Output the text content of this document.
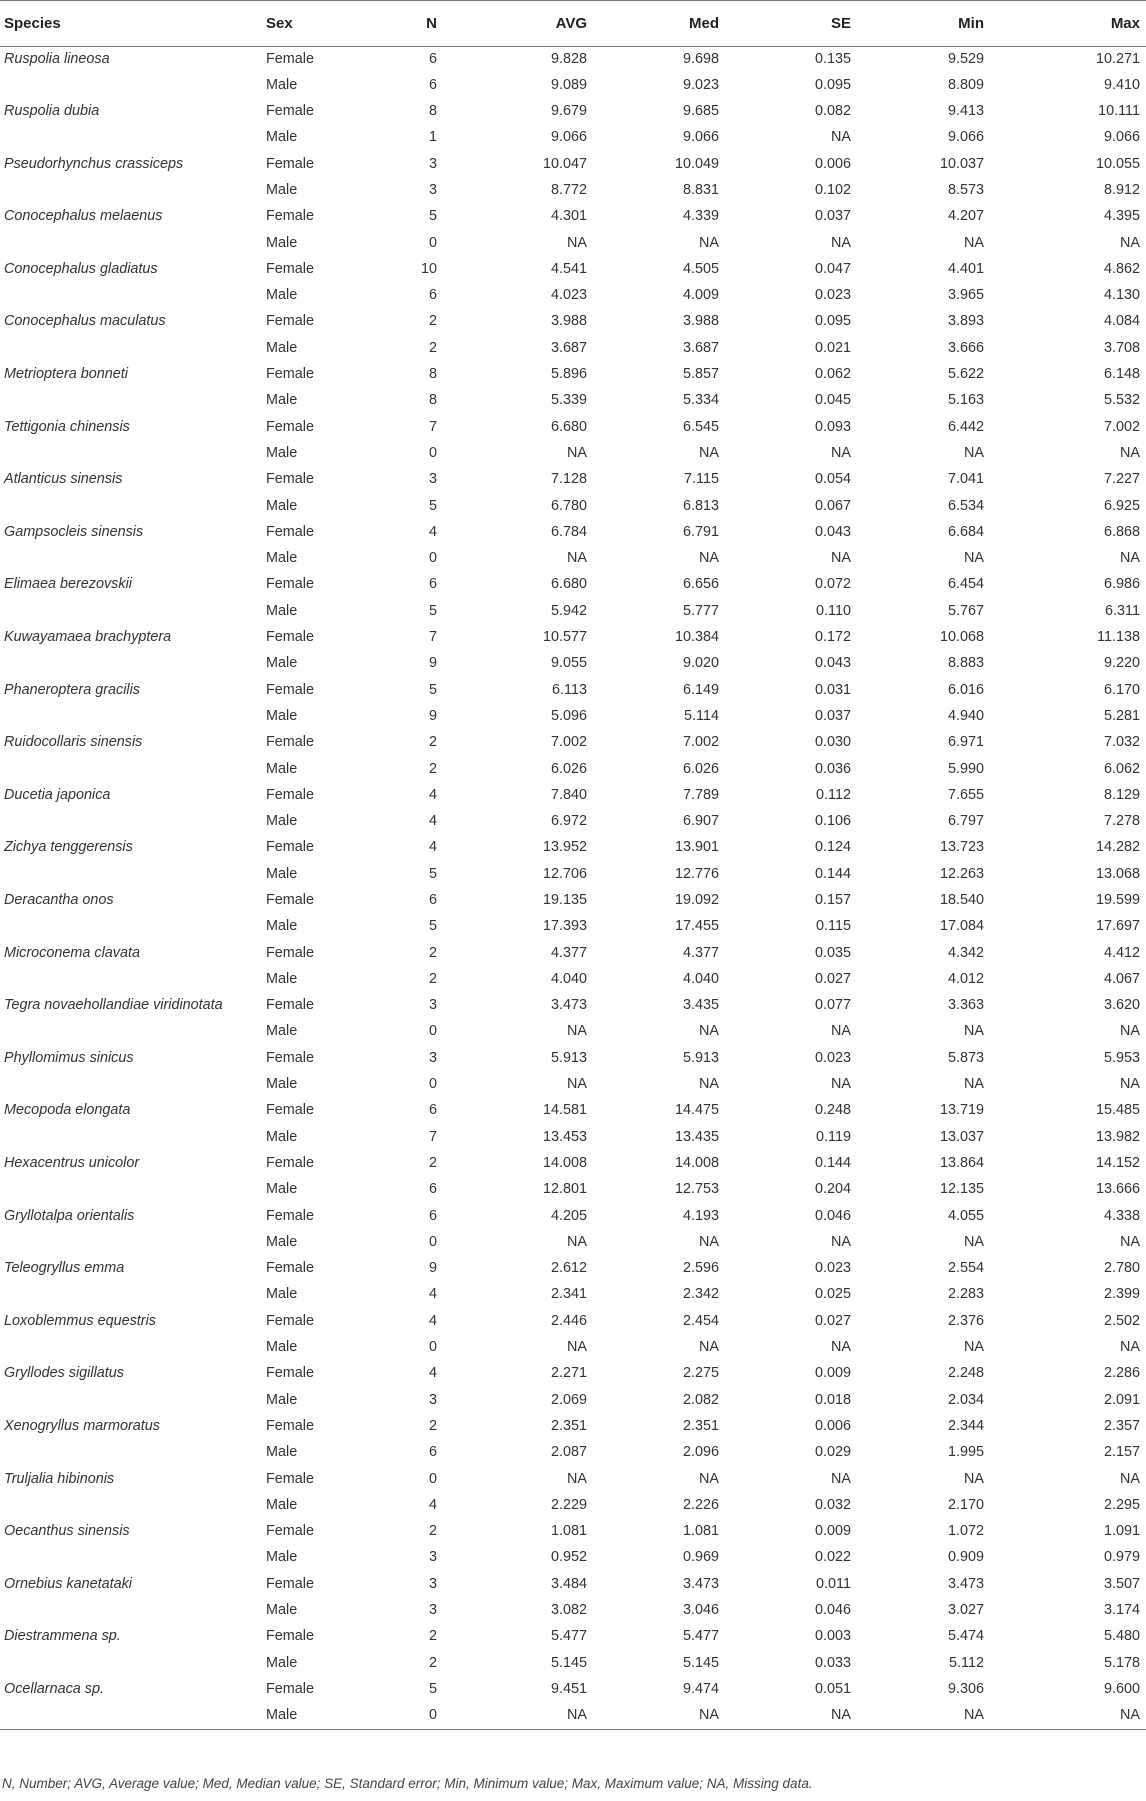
Species	Sex	N	AVG	Med	SE	Min	Max
Ruspolia lineosa	Female	6	9.828	9.698	0.135	9.529	10.271
	Male	6	9.089	9.023	0.095	8.809	9.410
Ruspolia dubia	Female	8	9.679	9.685	0.082	9.413	10.111
	Male	1	9.066	9.066	NA	9.066	9.066
Pseudorhynchus crassiceps	Female	3	10.047	10.049	0.006	10.037	10.055
	Male	3	8.772	8.831	0.102	8.573	8.912
Conocephalus melaenus	Female	5	4.301	4.339	0.037	4.207	4.395
	Male	0	NA	NA	NA	NA	NA
Conocephalus gladiatus	Female	10	4.541	4.505	0.047	4.401	4.862
	Male	6	4.023	4.009	0.023	3.965	4.130
Conocephalus maculatus	Female	2	3.988	3.988	0.095	3.893	4.084
	Male	2	3.687	3.687	0.021	3.666	3.708
Metrioptera bonneti	Female	8	5.896	5.857	0.062	5.622	6.148
	Male	8	5.339	5.334	0.045	5.163	5.532
Tettigonia chinensis	Female	7	6.680	6.545	0.093	6.442	7.002
	Male	0	NA	NA	NA	NA	NA
Atlanticus sinensis	Female	3	7.128	7.115	0.054	7.041	7.227
	Male	5	6.780	6.813	0.067	6.534	6.925
Gampsocleis sinensis	Female	4	6.784	6.791	0.043	6.684	6.868
	Male	0	NA	NA	NA	NA	NA
Elimaea berezovskii	Female	6	6.680	6.656	0.072	6.454	6.986
	Male	5	5.942	5.777	0.110	5.767	6.311
Kuwayamaea brachyptera	Female	7	10.577	10.384	0.172	10.068	11.138
	Male	9	9.055	9.020	0.043	8.883	9.220
Phaneroptera gracilis	Female	5	6.113	6.149	0.031	6.016	6.170
	Male	9	5.096	5.114	0.037	4.940	5.281
Ruidocollaris sinensis	Female	2	7.002	7.002	0.030	6.971	7.032
	Male	2	6.026	6.026	0.036	5.990	6.062
Ducetia japonica	Female	4	7.840	7.789	0.112	7.655	8.129
	Male	4	6.972	6.907	0.106	6.797	7.278
Zichya tenggerensis	Female	4	13.952	13.901	0.124	13.723	14.282
	Male	5	12.706	12.776	0.144	12.263	13.068
Deracantha onos	Female	6	19.135	19.092	0.157	18.540	19.599
	Male	5	17.393	17.455	0.115	17.084	17.697
Microconema clavata	Female	2	4.377	4.377	0.035	4.342	4.412
	Male	2	4.040	4.040	0.027	4.012	4.067
Tegra novaehollandiae viridinotata	Female	3	3.473	3.435	0.077	3.363	3.620
	Male	0	NA	NA	NA	NA	NA
Phyllomimus sinicus	Female	3	5.913	5.913	0.023	5.873	5.953
	Male	0	NA	NA	NA	NA	NA
Mecopoda elongata	Female	6	14.581	14.475	0.248	13.719	15.485
	Male	7	13.453	13.435	0.119	13.037	13.982
Hexacentrus unicolor	Female	2	14.008	14.008	0.144	13.864	14.152
	Male	6	12.801	12.753	0.204	12.135	13.666
Gryllotalpa orientalis	Female	6	4.205	4.193	0.046	4.055	4.338
	Male	0	NA	NA	NA	NA	NA
Teleogryllus emma	Female	9	2.612	2.596	0.023	2.554	2.780
	Male	4	2.341	2.342	0.025	2.283	2.399
Loxoblemmus equestris	Female	4	2.446	2.454	0.027	2.376	2.502
	Male	0	NA	NA	NA	NA	NA
Gryllodes sigillatus	Female	4	2.271	2.275	0.009	2.248	2.286
	Male	3	2.069	2.082	0.018	2.034	2.091
Xenogryllus marmoratus	Female	2	2.351	2.351	0.006	2.344	2.357
	Male	6	2.087	2.096	0.029	1.995	2.157
Truljalia hibinonis	Female	0	NA	NA	NA	NA	NA
	Male	4	2.229	2.226	0.032	2.170	2.295
Oecanthus sinensis	Female	2	1.081	1.081	0.009	1.072	1.091
	Male	3	0.952	0.969	0.022	0.909	0.979
Ornebius kanetataki	Female	3	3.484	3.473	0.011	3.473	3.507
	Male	3	3.082	3.046	0.046	3.027	3.174
Diestrammena sp.	Female	2	5.477	5.477	0.003	5.474	5.480
	Male	2	5.145	5.145	0.033	5.112	5.178
Ocellarnaca sp.	Female	5	9.451	9.474	0.051	9.306	9.600
	Male	0	NA	NA	NA	NA	NA
N, Number; AVG, Average value; Med, Median value; SE, Standard error; Min, Minimum value; Max, Maximum value; NA, Missing data.
